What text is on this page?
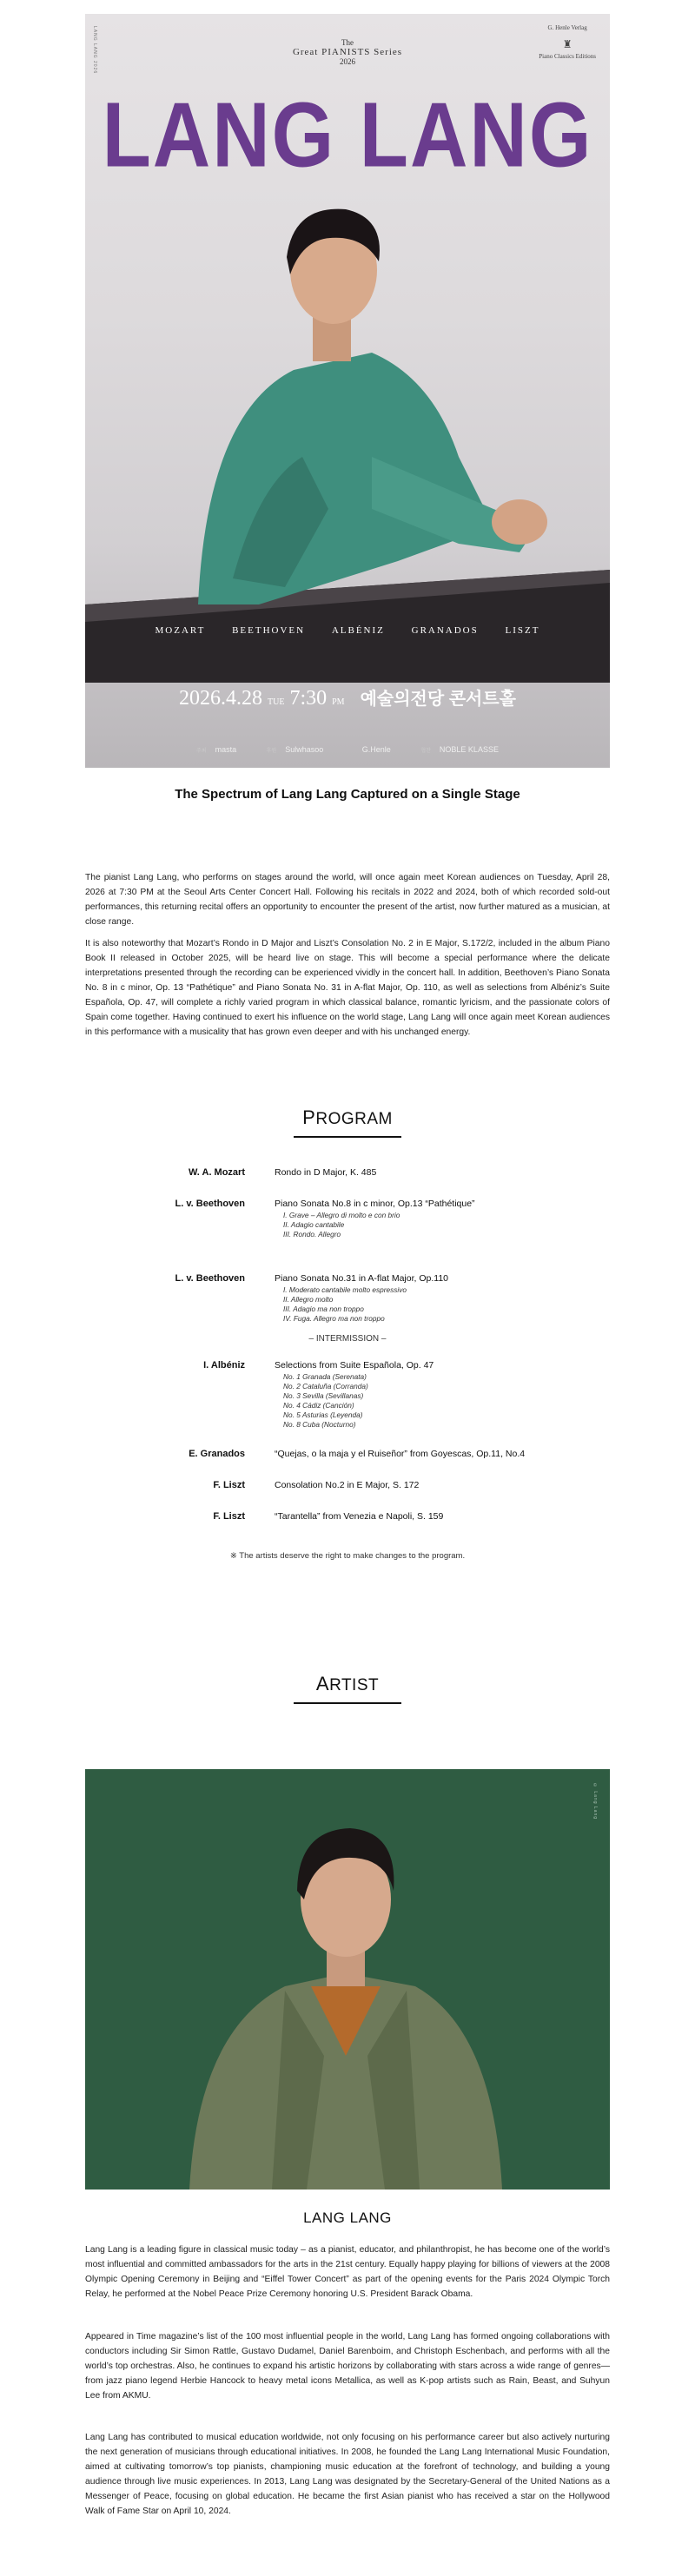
LANG LANG 2026	The
Great PIANISTS Series
2026
G. Henle Verlag
♜
Piano Classics Editions
LANG LANG
MOZART	BEETHOVEN	ALBÉNIZ	GRANADOS	LISZT
2026.4.28 TUE 7:30 PM 예술의전당 콘서트홀
주최 masta	후원 Sulwhasoo	G.Henle	협찬 NOBLE KLASSE
The Spectrum of Lang Lang Captured on a Single Stage

The pianist Lang Lang, who performs on stages around the world, will once again meet Korean audiences on Tuesday, April 28, 2026 at 7:30 PM at the Seoul Arts Center Concert Hall. Following his recitals in 2022 and 2024, both of which recorded sold-out performances, this returning recital offers an opportunity to encounter the present of the artist, now further matured as a musician, at close range.

It is also noteworthy that Mozart’s Rondo in D Major and Liszt’s Consolation No. 2 in E Major, S.172/2, included in the album Piano Book II released in October 2025, will be heard live on stage. This will become a special performance where the delicate interpretations presented through the recording can be experienced vividly in the concert hall. In addition, Beethoven’s Piano Sonata No. 8 in c minor, Op. 13 “Pathétique” and Piano Sonata No. 31 in A-flat Major, Op. 110, as well as selections from Albéniz’s Suite Española, Op. 47, will complete a richly varied program in which classical balance, romantic lyricism, and the passionate colors of Spain come together. Having continued to exert his influence on the world stage, Lang Lang will once again meet Korean audiences in this performance with a musicality that has grown even deeper and with his unchanged energy.

PROGRAM
W. A. Mozart	Rondo in D Major, K. 485
L. v. Beethoven	Piano Sonata No.8 in c minor, Op.13 “Pathétique”
I. Grave – Allegro di molto e con brio
II. Adagio cantabile
III. Rondo. Allegro
L. v. Beethoven	Piano Sonata No.31 in A-flat Major, Op.110
I. Moderato cantabile molto espressivo
II. Allegro molto
III. Adagio ma non troppo
IV. Fuga. Allegro ma non troppo
– INTERMISSION –
I. Albéniz	Selections from Suite Española, Op. 47
No. 1 Granada (Serenata)
No. 2 Cataluña (Corranda)
No. 3 Sevilla (Sevillanas)
No. 4 Cádiz (Canción)
No. 5 Asturias (Leyenda)
No. 8 Cuba (Nocturno)
E. Granados	“Quejas, o la maja y el Ruiseñor” from Goyescas, Op.11, No.4
F. Liszt	Consolation No.2 in E Major, S. 172
F. Liszt	“Tarantella” from Venezia e Napoli, S. 159
※ The artists deserve the right to make changes to the program.
ARTIST
© Lang Lang
LANG LANG

Lang Lang is a leading figure in classical music today – as a pianist, educator, and philanthropist, he has become one of the world’s most influential and committed ambassadors for the arts in the 21st century. Equally happy playing for billions of viewers at the 2008 Olympic Opening Ceremony in Beijing and “Eiffel Tower Concert” as part of the opening events for the Paris 2024 Olympic Torch Relay, he performed at the Nobel Peace Prize Ceremony honoring U.S. President Barack Obama.

Appeared in Time magazine’s list of the 100 most influential people in the world, Lang Lang has formed ongoing collaborations with conductors including Sir Simon Rattle, Gustavo Dudamel, Daniel Barenboim, and Christoph Eschenbach, and performs with all the world’s top orchestras. Also, he continues to expand his artistic horizons by collaborating with stars across a wide range of genres—from jazz piano legend Herbie Hancock to heavy metal icons Metallica, as well as K-pop artists such as Rain, Beast, and Suhyun Lee from AKMU.

Lang Lang has contributed to musical education worldwide, not only focusing on his performance career but also actively nurturing the next generation of musicians through educational initiatives. In 2008, he founded the Lang Lang International Music Foundation, aimed at cultivating tomorrow’s top pianists, championing music education at the forefront of technology, and building a young audience through live music experiences. In 2013, Lang Lang was designated by the Secretary-General of the United Nations as a Messenger of Peace, focusing on global education. He became the first Asian pianist who has received a star on the Hollywood Walk of Fame Star on April 10, 2024.
